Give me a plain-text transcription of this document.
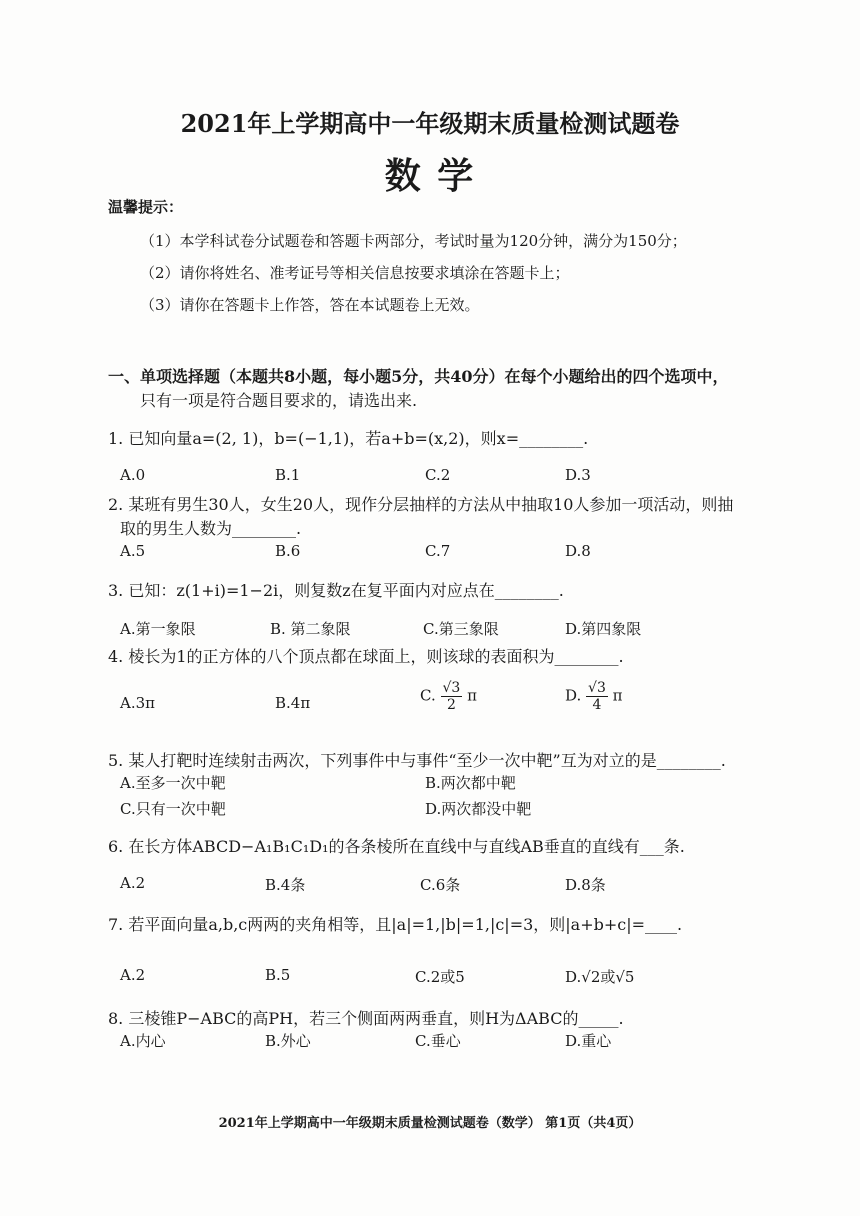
2021年上学期高中一年级期末质量检测试题卷
数 学
温馨提示：
（1）本学科试卷分试题卷和答题卡两部分，考试时量为120分钟，满分为150分；
（2）请你将姓名、准考证号等相关信息按要求填涂在答题卡上；
（3）请你在答题卡上作答，答在本试题卷上无效。
一、单项选择题（本题共8小题，每小题5分，共40分）在每个小题给出的四个选项中，
只有一项是符合题目要求的，请选出来.
1. 已知向量a=(2, 1)，b=(−1,1)，若a+b=(x,2)，则x=________.
A.0	B.1	C.2	D.3
2. 某班有男生30人，女生20人，现作分层抽样的方法从中抽取10人参加一项活动，则抽
取的男生人数为________.
A.5	B.6	C.7	D.8
3. 已知：z(1+i)=1−2i，则复数z在复平面内对应点在________.
A.第一象限	B. 第二象限	C.第三象限	D.第四象限
4. 棱长为1的正方体的八个顶点都在球面上，则该球的表面积为________.
A.3π	B.4π	C. $\frac{√3}{2}$ π	D. $\frac{√3}{4}$ π
5. 某人打靶时连续射击两次，下列事件中与事件“至少一次中靶”互为对立的是________.
A.至多一次中靶	B.两次都中靶
C.只有一次中靶	D.两次都没中靶
6. 在长方体ABCD−A₁B₁C₁D₁的各条棱所在直线中与直线AB垂直的直线有___条.
A.2	B.4条	C.6条	D.8条
7. 若平面向量a,b,c两两的夹角相等，且|a|=1,|b|=1,|c|=3，则|a+b+c|=____.
A.2	B.5	C.2或5	D.√2或√5
8. 三棱锥P−ABC的高PH，若三个侧面两两垂直，则H为ΔABC的_____.
A.内心	B.外心	C.垂心	D.重心
2021年上学期高中一年级期末质量检测试题卷（数学） 第1页（共4页）
